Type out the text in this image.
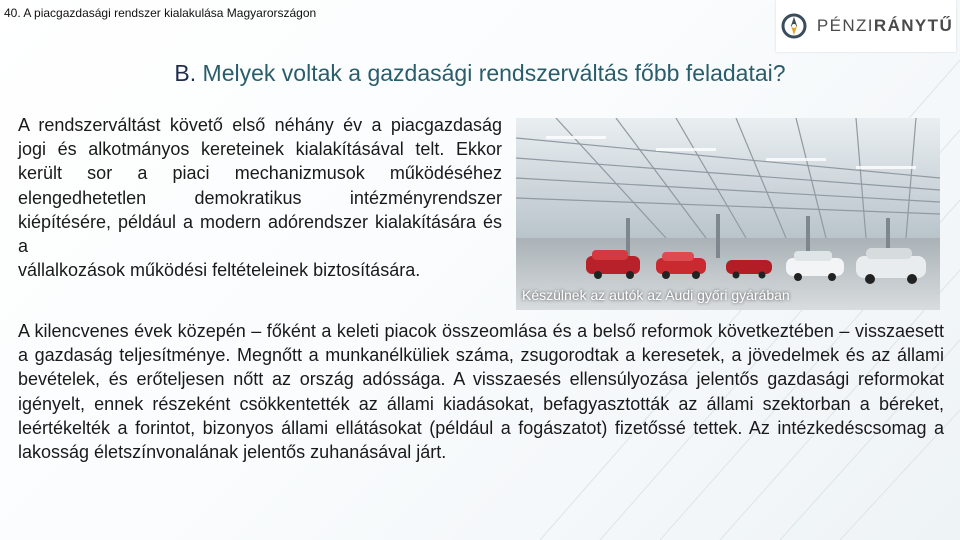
40. A piacgazdasági rendszer kialakulása Magyarországon
PÉNZIRÁNYTŰ
B. Melyek voltak a gazdasági rendszerváltás főbb feladatai?
A rendszerváltást követő első néhány év a piacgazdaság jogi és alkotmányos kereteinek kialakításával telt. Ekkor került sor a piaci mechanizmusok működéséhez elengedhetetlen demokratikus intézményrendszer kiépítésére, például a modern adórendszer kialakítására és a
vállalkozások működési feltételeinek biztosítására.
Készülnek az autók az Audi győri gyárában
A kilencvenes évek közepén – főként a keleti piacok összeomlása és a belső reformok következtében – visszaesett a gazdaság teljesítménye. Megnőtt a munkanélküliek száma, zsugorodtak a keresetek, a jövedelmek és az állami bevételek, és erőteljesen nőtt az ország adóssága. A visszaesés ellensúlyozása jelentős gazdasági reformokat igényelt, ennek részeként csökkentették az állami kiadásokat, befagyasztották az állami szektorban a béreket, leértékelték a forintot, bizonyos állami ellátásokat (például a fogászatot) fizetőssé tettek. Az intézkedéscsomag a lakosság életszínvonalának jelentős zuhanásával járt.
